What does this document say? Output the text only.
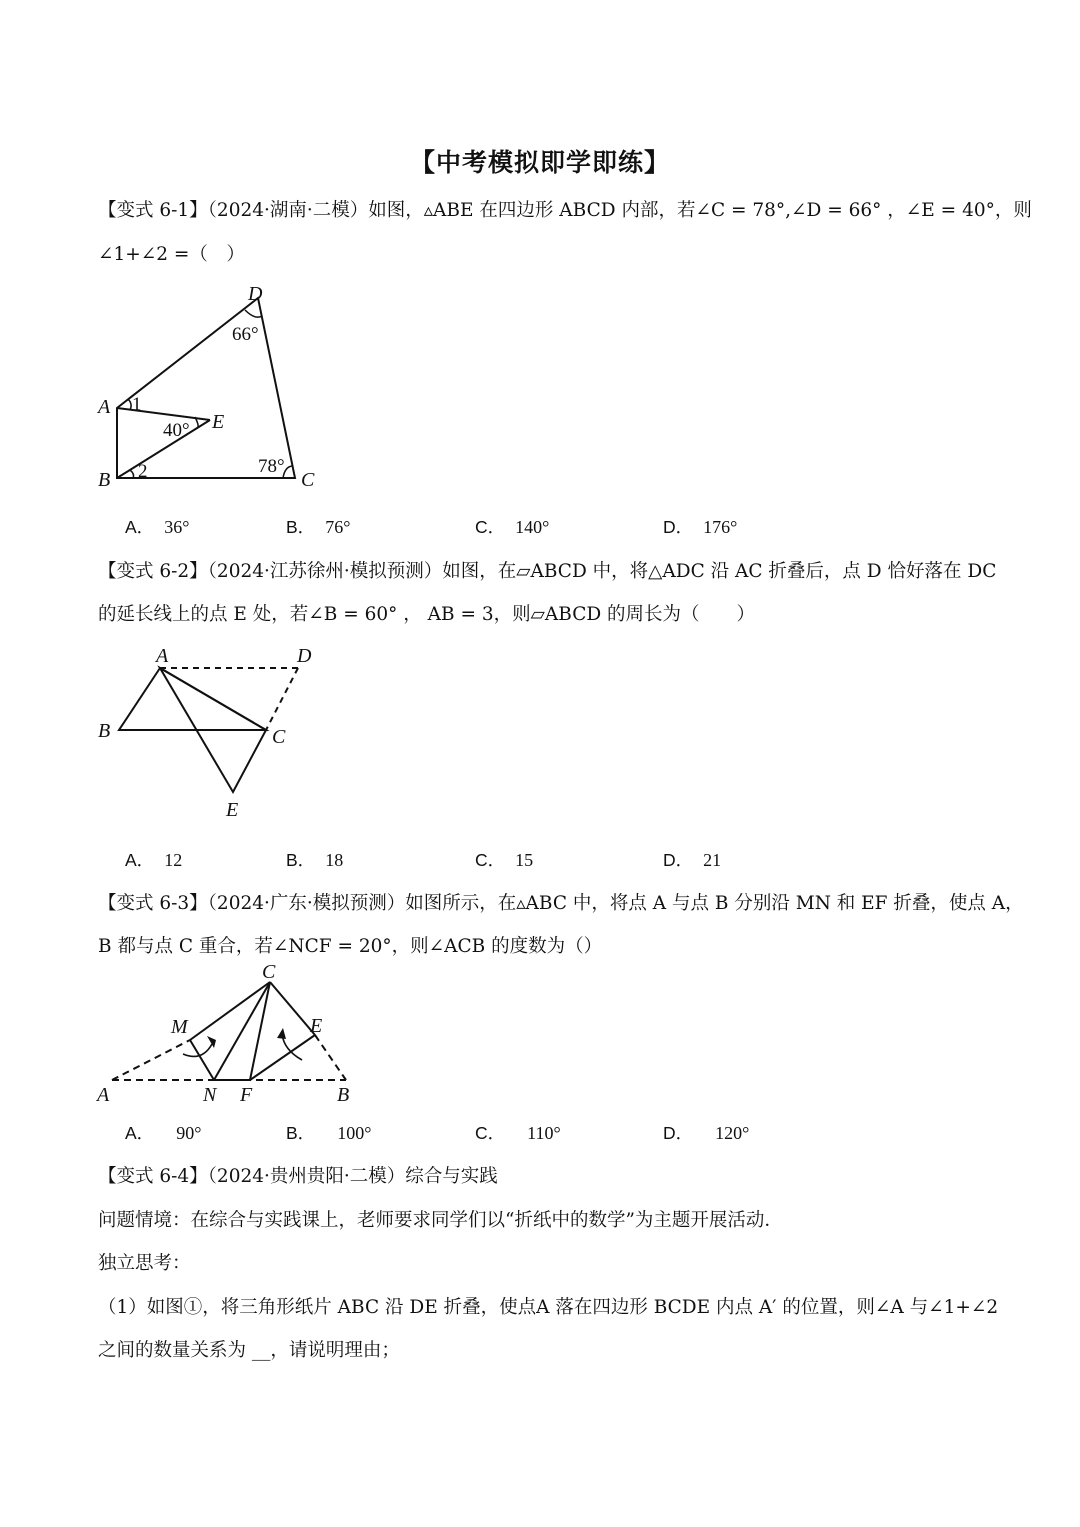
【中考模拟即学即练】
【变式 6-1】（2024·湖南·二模）如图，▵ABE 在四边形 ABCD 内部，若∠C = 78°,∠D = 66° ，∠E = 40°，则
∠1+∠2 =（　）
D
A
B	C
E
66°
40°
78°
1
2
A． 36°	B． 76°	C． 140°	D． 176°
【变式 6-2】（2024·江苏徐州·模拟预测）如图，在▱ABCD 中，将△ADC 沿 AC 折叠后，点 D 恰好落在 DC
的延长线上的点 E 处，若∠B = 60° ， AB = 3，则▱ABCD 的周长为（　　）
A	D
B	C
E
A． 12	B． 18	C． 15	D． 21
【变式 6-3】（2024·广东·模拟预测）如图所示，在▵ABC 中，将点 A 与点 B 分别沿 MN 和 EF 折叠，使点 A，
B 都与点 C 重合，若∠NCF = 20°，则∠ACB 的度数为（）
C
M	E
A	N F	B
A． 90°	B． 100°	C． 110°	D． 120°
【变式 6-4】（2024·贵州贵阳·二模）综合与实践
问题情境：在综合与实践课上，老师要求同学们以“折纸中的数学”为主题开展活动．
独立思考：
（1）如图①，将三角形纸片 ABC 沿 DE 折叠，使点A 落在四边形 BCDE 内点 A′ 的位置，则∠A 与∠1+∠2
之间的数量关系为 __，请说明理由；
